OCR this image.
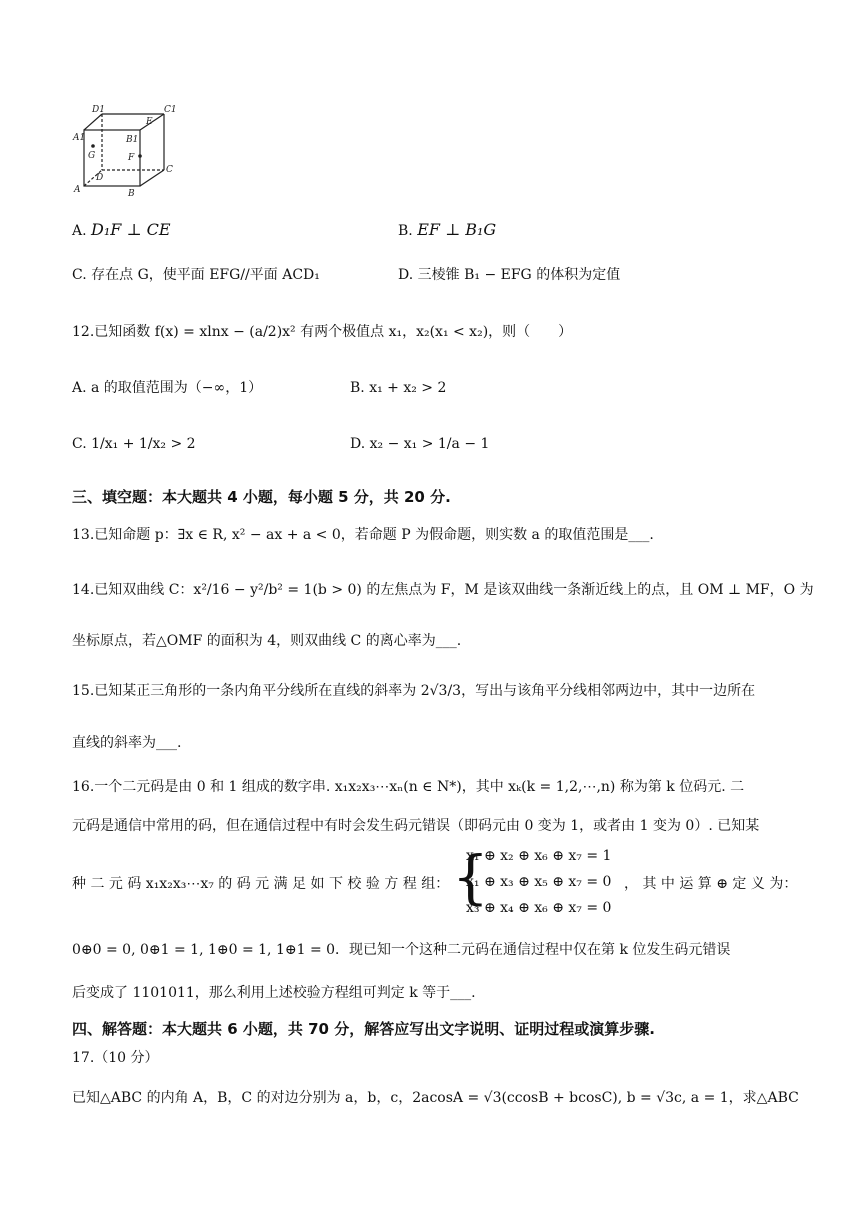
D1	C1
A1	B1
E
G	F
D
C
A	B
A. D₁F ⊥ CE	B. EF ⊥ B₁G
C. 存在点 G，使平面 EFG//平面 ACD₁	D. 三棱锥 B₁ − EFG 的体积为定值
12.已知函数 f(x) = xlnx − (a/2)x² 有两个极值点 x₁，x₂(x₁ < x₂)，则（　　）
A. a 的取值范围为（−∞，1）	B. x₁ + x₂ > 2
C. 1/x₁ + 1/x₂ > 2	D. x₂ − x₁ > 1/a − 1
三、填空题：本大题共 4 小题，每小题 5 分，共 20 分.
13.已知命题 p：∃x ∈ R, x² − ax + a < 0，若命题 P 为假命题，则实数 a 的取值范围是___.
14.已知双曲线 C：x²/16 − y²/b² = 1(b > 0) 的左焦点为 F，M 是该双曲线一条渐近线上的点，且 OM ⊥ MF，O 为
坐标原点，若△OMF 的面积为 4，则双曲线 C 的离心率为___.
15.已知某正三角形的一条内角平分线所在直线的斜率为 2√3/3，写出与该角平分线相邻两边中，其中一边所在
直线的斜率为___.
16.一个二元码是由 0 和 1 组成的数字串. x₁x₂x₃⋯xₙ(n ∈ N*)，其中 xₖ(k = 1,2,⋯,n) 称为第 k 位码元. 二
元码是通信中常用的码，但在通信过程中有时会发生码元错误（即码元由 0 变为 1，或者由 1 变为 0）. 已知某
种 二 元 码 x₁x₂x₃⋯x₇ 的 码 元 满 足 如 下 校 验 方 程 组： {
x₁ ⊕ x₂ ⊕ x₆ ⊕ x₇ = 1
x₁ ⊕ x₃ ⊕ x₅ ⊕ x₇ = 0
x₃ ⊕ x₄ ⊕ x₆ ⊕ x₇ = 0
， 其 中 运 算 ⊕ 定 义 为：
0⊕0 = 0, 0⊕1 = 1, 1⊕0 = 1, 1⊕1 = 0．现已知一个这种二元码在通信过程中仅在第 k 位发生码元错误
后变成了 1101011，那么利用上述校验方程组可判定 k 等于___.
四、解答题：本大题共 6 小题，共 70 分，解答应写出文字说明、证明过程或演算步骤.
17.（10 分）
已知△ABC 的内角 A，B，C 的对边分别为 a，b，c，2acosA = √3(ccosB + bcosC), b = √3c, a = 1，求△ABC
